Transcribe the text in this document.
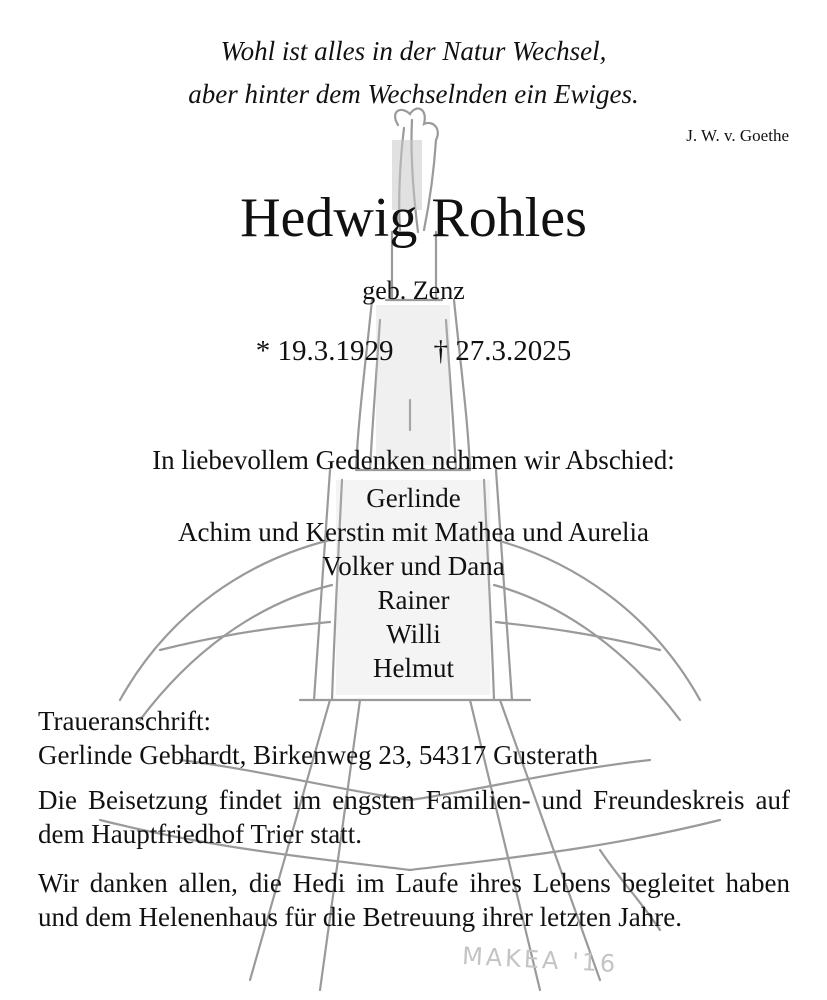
Wohl ist alles in der Natur Wechsel,
aber hinter dem Wechselnden ein Ewiges.
J. W. v. Goethe
Hedwig Rohles
geb. Zenz
* 19.3.1929 † 27.3.2025
In liebevollem Gedenken nehmen wir Abschied:
Gerlinde
Achim und Kerstin mit Mathea und Aurelia
Volker und Dana
Rainer
Willi
Helmut
Traueranschrift:
Gerlinde Gebhardt, Birkenweg 23, 54317 Gusterath
Die Beisetzung findet im engsten Familien- und Freundeskreis auf dem Hauptfriedhof Trier statt.
Wir danken allen, die Hedi im Laufe ihres Lebens begleitet haben und dem Helenenhaus für die Betreuung ihrer letzten Jahre.
MAKEA '16
